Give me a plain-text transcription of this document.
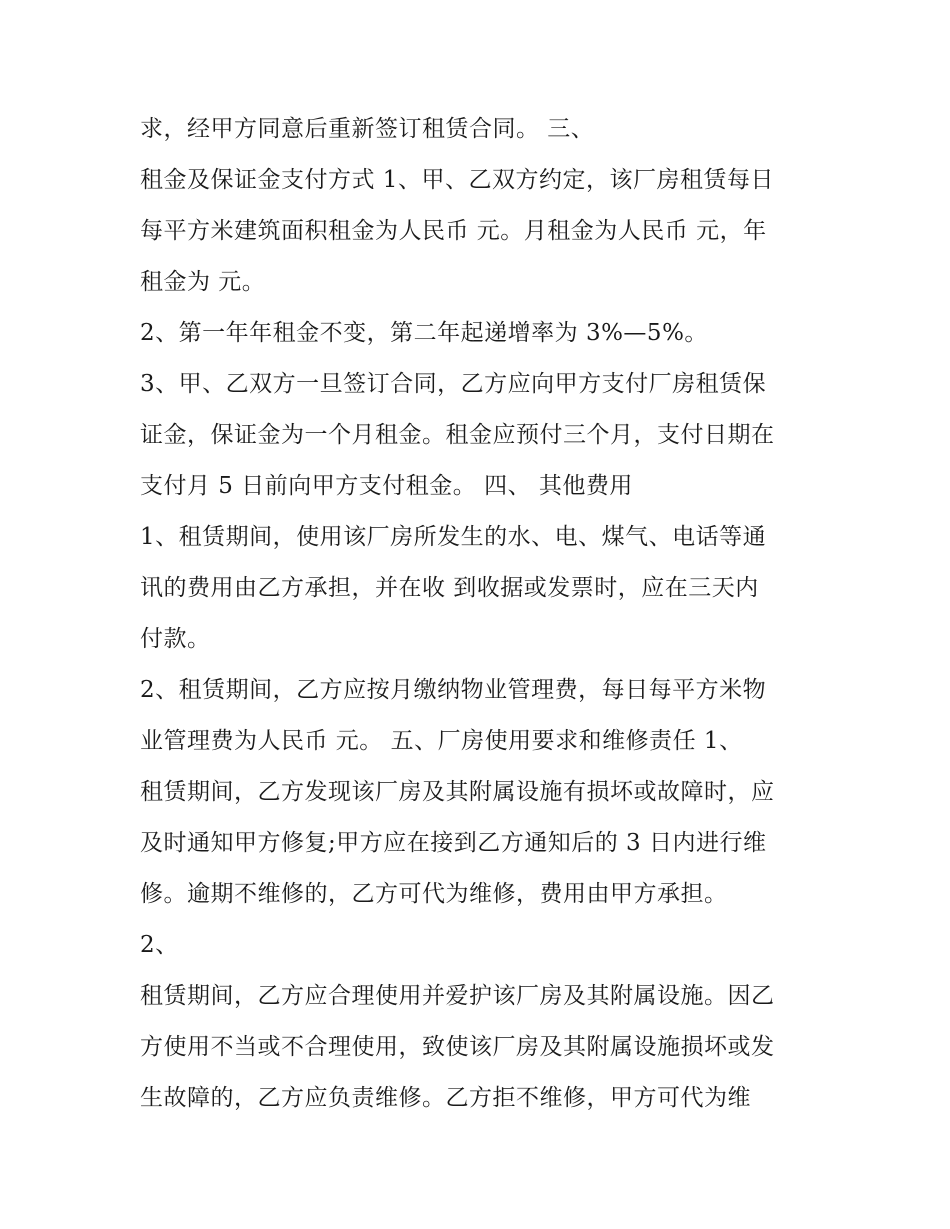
求，经甲方同意后重新签订租赁合同。 三、
租金及保证金支付方式 1、甲、乙双方约定，该厂房租赁每日
每平方米建筑面积租金为人民币 元。月租金为人民币 元，年
租金为 元。
2、第一年年租金不变，第二年起递增率为 3%—5%。
3、甲、乙双方一旦签订合同，乙方应向甲方支付厂房租赁保
证金，保证金为一个月租金。租金应预付三个月，支付日期在
支付月 5 日前向甲方支付租金。 四、 其他费用
1、租赁期间，使用该厂房所发生的水、电、煤气、电话等通
讯的费用由乙方承担，并在收 到收据或发票时，应在三天内
付款。
2、租赁期间，乙方应按月缴纳物业管理费，每日每平方米物
业管理费为人民币 元。 五、厂房使用要求和维修责任 1、
租赁期间，乙方发现该厂房及其附属设施有损坏或故障时，应
及时通知甲方修复;甲方应在接到乙方通知后的 3 日内进行维
修。逾期不维修的，乙方可代为维修，费用由甲方承担。
2、
租赁期间，乙方应合理使用并爱护该厂房及其附属设施。因乙
方使用不当或不合理使用，致使该厂房及其附属设施损坏或发
生故障的，乙方应负责维修。乙方拒不维修，甲方可代为维
